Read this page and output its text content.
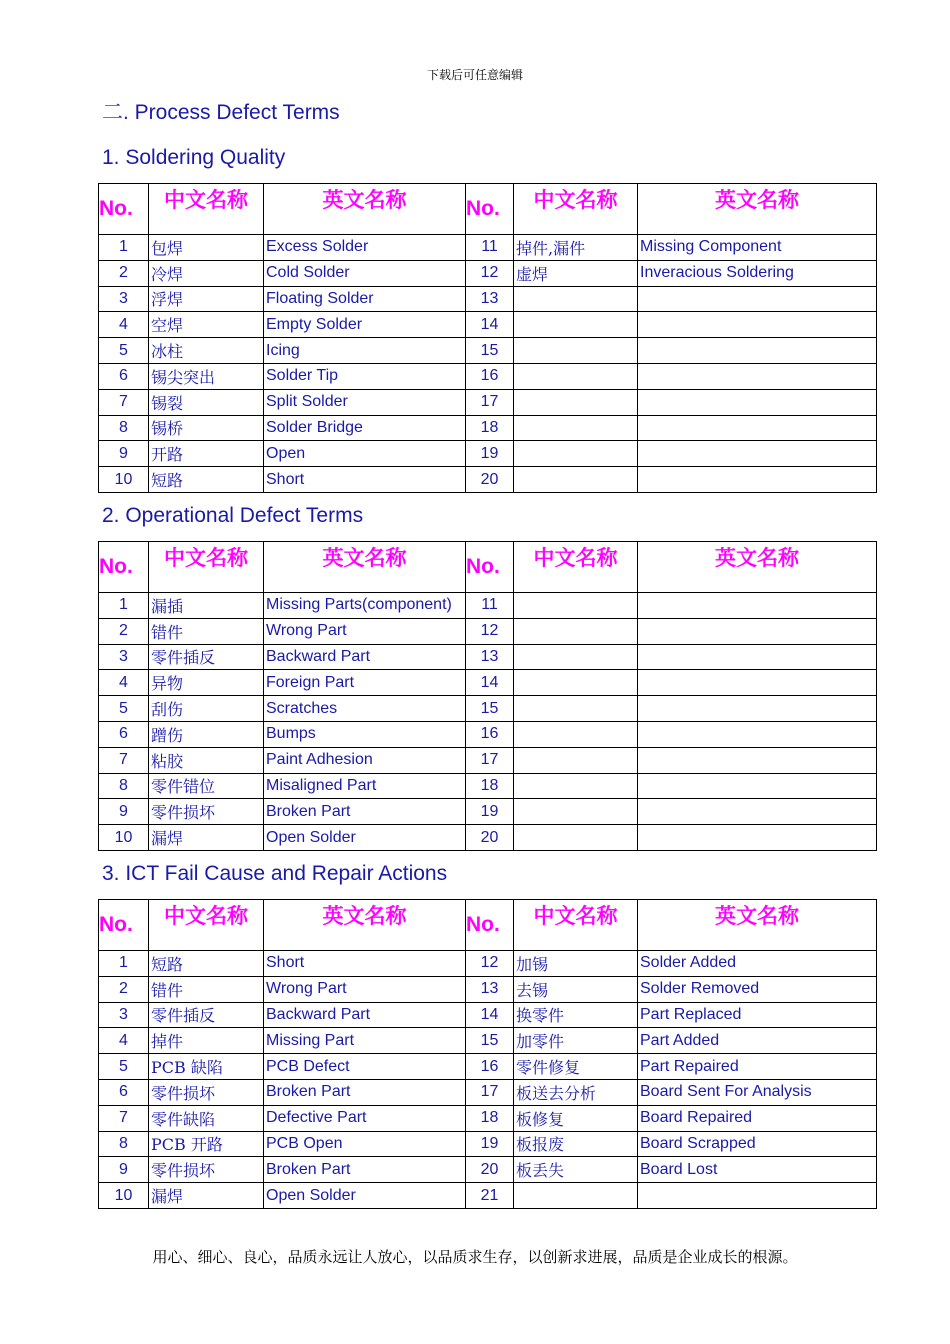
下载后可任意编辑
二. Process Defect Terms
1. Soldering Quality
No.	中文名称	英文名称	No.	中文名称	英文名称
1	包焊	Excess Solder	11	掉件,漏件	Missing Component
2	冷焊	Cold Solder	12	虚焊	Inveracious Soldering
3	浮焊	Floating Solder	13		
4	空焊	Empty Solder	14		
5	冰柱	Icing	15		
6	锡尖突出	Solder Tip	16		
7	锡裂	Split Solder	17		
8	锡桥	Solder Bridge	18		
9	开路	Open	19		
10	短路	Short	20		
2. Operational Defect Terms
No.	中文名称	英文名称	No.	中文名称	英文名称
1	漏插	Missing Parts(component)	11		
2	错件	Wrong Part	12		
3	零件插反	Backward Part	13		
4	异物	Foreign Part	14		
5	刮伤	Scratches	15		
6	蹭伤	Bumps	16		
7	粘胶	Paint Adhesion	17		
8	零件错位	Misaligned Part	18		
9	零件损坏	Broken Part	19		
10	漏焊	Open Solder	20		
3. ICT Fail Cause and Repair Actions
No.	中文名称	英文名称	No.	中文名称	英文名称
1	短路	Short	12	加锡	Solder Added
2	错件	Wrong Part	13	去锡	Solder Removed
3	零件插反	Backward Part	14	换零件	Part Replaced
4	掉件	Missing Part	15	加零件	Part Added
5	PCB 缺陷	PCB Defect	16	零件修复	Part Repaired
6	零件损坏	Broken Part	17	板送去分析	Board Sent For Analysis
7	零件缺陷	Defective Part	18	板修复	Board Repaired
8	PCB 开路	PCB Open	19	板报废	Board Scrapped
9	零件损坏	Broken Part	20	板丢失	Board Lost
10	漏焊	Open Solder	21		
用心、细心、良心，品质永远让人放心，以品质求生存，以创新求进展，品质是企业成长的根源。
